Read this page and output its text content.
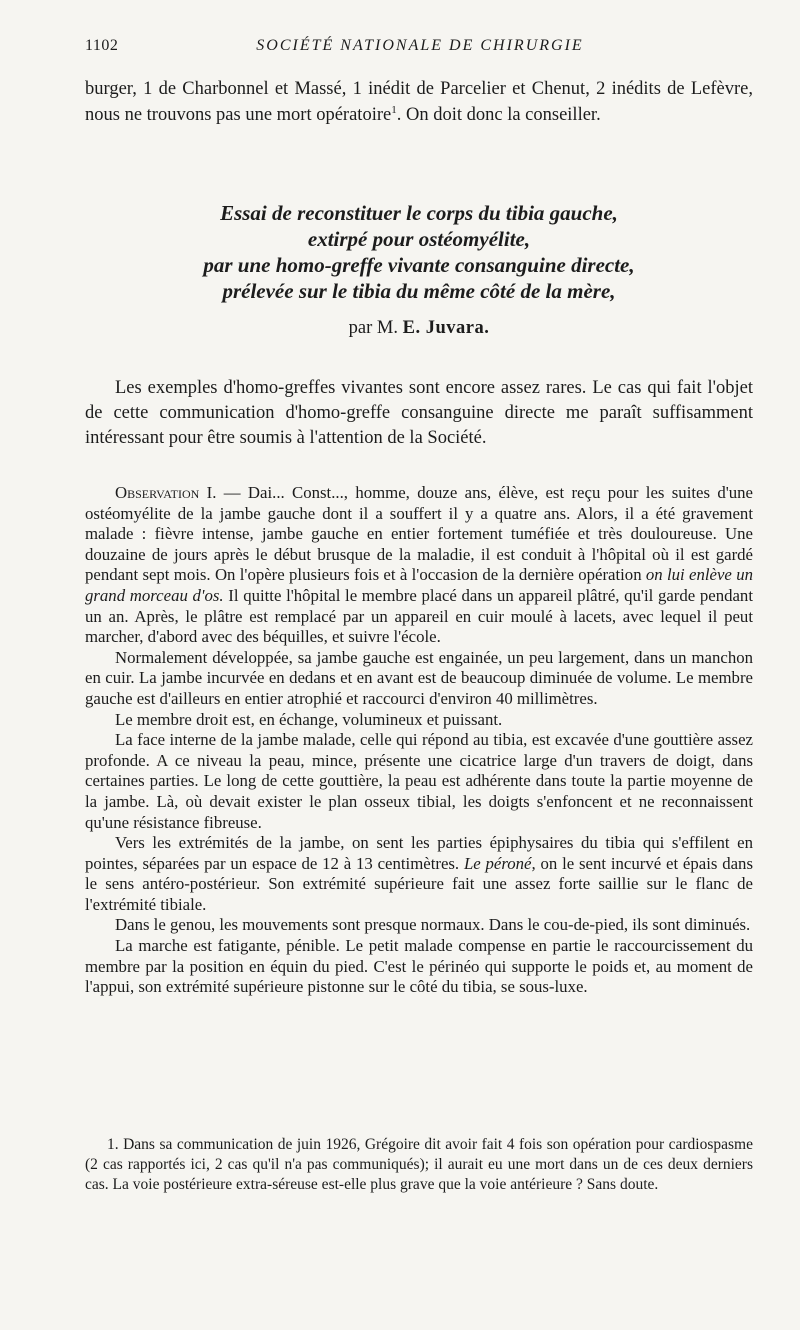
1102	SOCIÉTÉ NATIONALE DE CHIRURGIE
burger, 1 de Charbonnel et Massé, 1 inédit de Parcelier et Chenut, 2 inédits de Lefèvre, nous ne trouvons pas une mort opératoire$^1$. On doit donc la conseiller.
Essai de reconstituer le corps du tibia gauche,
extirpé pour ostéomyélite,
par une homo-greffe vivante consanguine directe,
prélevée sur le tibia du même côté de la mère,
par M. E. Juvara.
Les exemples d'homo-greffes vivantes sont encore assez rares. Le cas qui fait l'objet de cette communication d'homo-greffe consanguine directe me paraît suffisamment intéressant pour être soumis à l'attention de la Société.

Observation I. — Dai... Const..., homme, douze ans, élève, est reçu pour les suites d'une ostéomyélite de la jambe gauche dont il a souffert il y a quatre ans. Alors, il a été gravement malade : fièvre intense, jambe gauche en entier fortement tuméfiée et très douloureuse. Une douzaine de jours après le début brusque de la maladie, il est conduit à l'hôpital où il est gardé pendant sept mois. On l'opère plusieurs fois et à l'occasion de la dernière opération on lui enlève un grand morceau d'os. Il quitte l'hôpital le membre placé dans un appareil plâtré, qu'il garde pendant un an. Après, le plâtre est remplacé par un appareil en cuir moulé à lacets, avec lequel il peut marcher, d'abord avec des béquilles, et suivre l'école.

Normalement développée, sa jambe gauche est engainée, un peu largement, dans un manchon en cuir. La jambe incurvée en dedans et en avant est de beaucoup diminuée de volume. Le membre gauche est d'ailleurs en entier atrophié et raccourci d'environ 40 millimètres.

Le membre droit est, en échange, volumineux et puissant.

La face interne de la jambe malade, celle qui répond au tibia, est excavée d'une gouttière assez profonde. A ce niveau la peau, mince, présente une cicatrice large d'un travers de doigt, dans certaines parties. Le long de cette gouttière, la peau est adhérente dans toute la partie moyenne de la jambe. Là, où devait exister le plan osseux tibial, les doigts s'enfoncent et ne reconnaissent qu'une résistance fibreuse.

Vers les extrémités de la jambe, on sent les parties épiphysaires du tibia qui s'effilent en pointes, séparées par un espace de 12 à 13 centimètres. Le péroné, on le sent incurvé et épais dans le sens antéro-postérieur. Son extrémité supérieure fait une assez forte saillie sur le flanc de l'extrémité tibiale.

Dans le genou, les mouvements sont presque normaux. Dans le cou-de-pied, ils sont diminués.

La marche est fatigante, pénible. Le petit malade compense en partie le raccourcissement du membre par la position en équin du pied. C'est le périnéo qui supporte le poids et, au moment de l'appui, son extrémité supérieure pistonne sur le côté du tibia, se sous-luxe.

1. Dans sa communication de juin 1926, Grégoire dit avoir fait 4 fois son opération pour cardiospasme (2 cas rapportés ici, 2 cas qu'il n'a pas communiqués); il aurait eu une mort dans un de ces deux derniers cas. La voie postérieure extra-séreuse est-elle plus grave que la voie antérieure ? Sans doute.
